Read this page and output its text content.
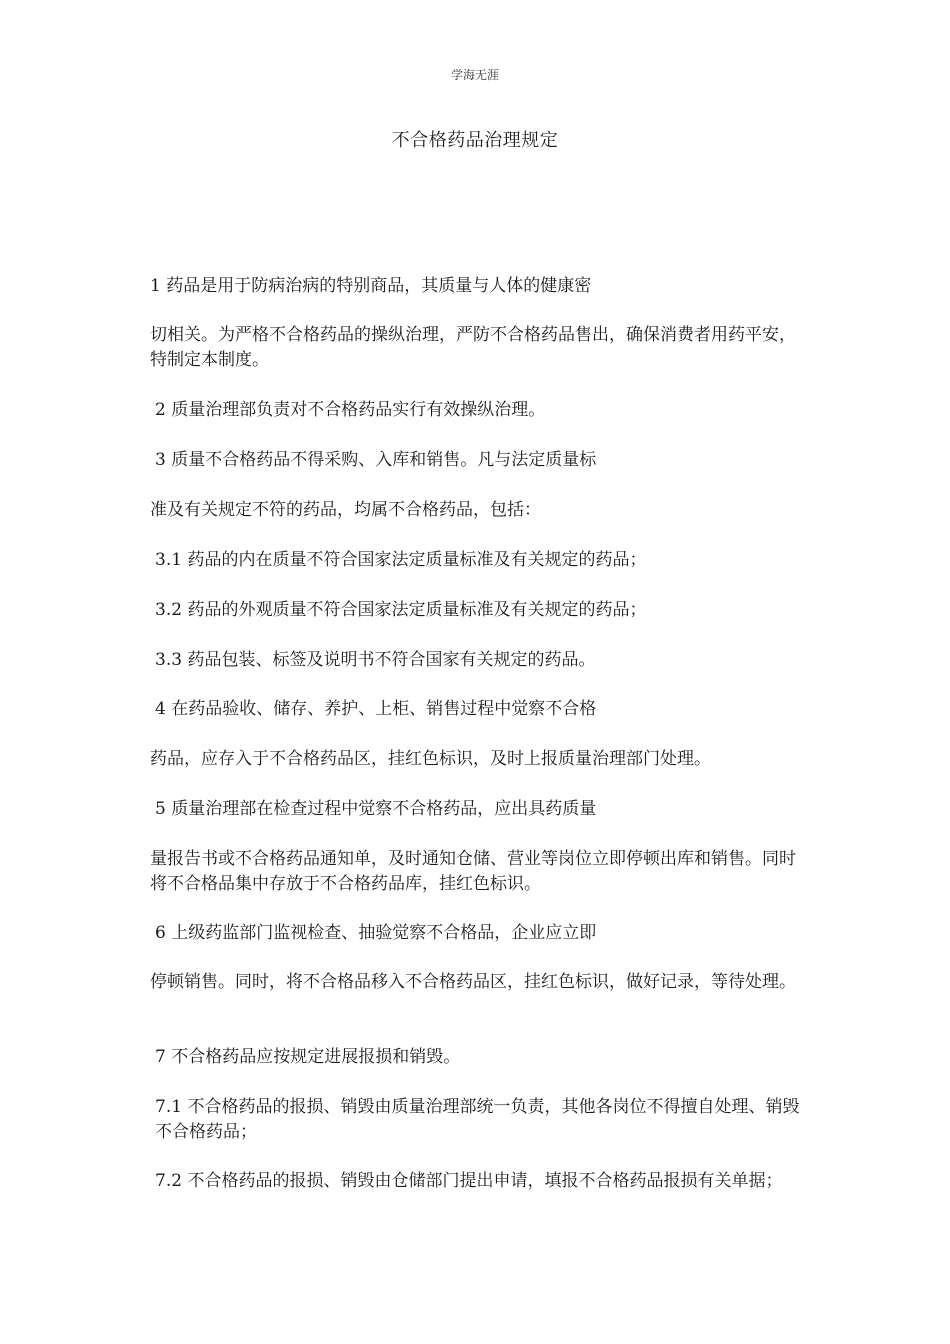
学海无涯
不合格药品治理规定
1 药品是用于防病治病的特别商品，其质量与人体的健康密
切相关。为严格不合格药品的操纵治理，严防不合格药品售出，确保消费者用药平安，特制定本制度。
2 质量治理部负责对不合格药品实行有效操纵治理。
3 质量不合格药品不得采购、入库和销售。凡与法定质量标
准及有关规定不符的药品，均属不合格药品，包括：
3.1 药品的内在质量不符合国家法定质量标准及有关规定的药品；
3.2 药品的外观质量不符合国家法定质量标准及有关规定的药品；
3.3 药品包装、标签及说明书不符合国家有关规定的药品。
4 在药品验收、储存、养护、上柜、销售过程中觉察不合格
药品，应存入于不合格药品区，挂红色标识，及时上报质量治理部门处理。
5 质量治理部在检查过程中觉察不合格药品，应出具药质量
量报告书或不合格药品通知单，及时通知仓储、营业等岗位立即停顿出库和销售。同时将不合格品集中存放于不合格药品库，挂红色标识。
6 上级药监部门监视检查、抽验觉察不合格品，企业应立即
停顿销售。同时，将不合格品移入不合格药品区，挂红色标识，做好记录，等待处理。
7 不合格药品应按规定进展报损和销毁。
7.1 不合格药品的报损、销毁由质量治理部统一负责，其他各岗位不得擅自处理、销毁不合格药品；
7.2 不合格药品的报损、销毁由仓储部门提出申请，填报不合格药品报损有关单据；
